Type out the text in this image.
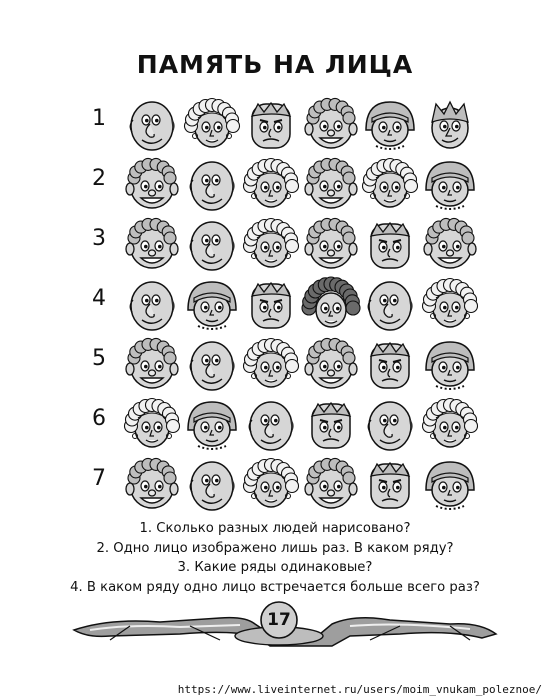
ПАМЯТЬ НА ЛИЦА
1
2
3
4
5
6
7
1. Сколько разных людей нарисовано?
2. Одно лицо изображено лишь раз. В каком ряду?
3. Какие ряды одинаковые?
4. В каком ряду одно лицо встречается больше всего раз?
17
https://www.liveinternet.ru/users/moim_vnukam_poleznoe/
